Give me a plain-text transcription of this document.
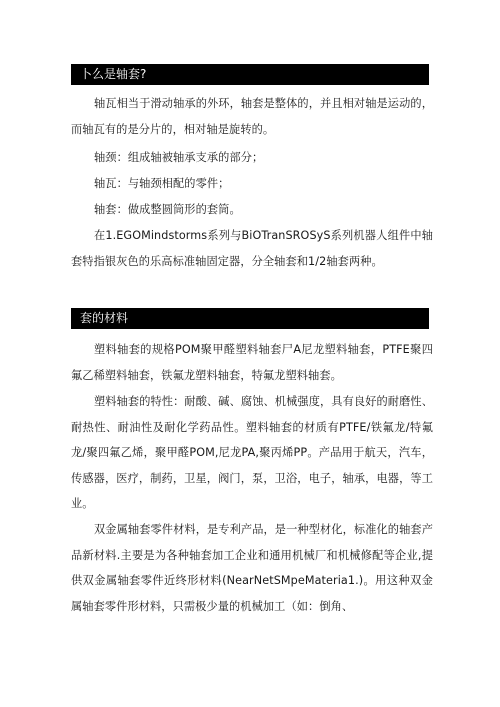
卜么是轴套?

轴瓦相当于滑动轴承的外环，轴套是整体的，并且相对轴是运动的，而轴瓦有的是分片的，相对轴是旋转的。

轴颈：组成轴被轴承支承的部分；

轴瓦：与轴颈相配的零件；

轴套：做成整圆筒形的套筒。

在1.EGOMindstorms系列与BiOTranSROSyS系列机器人组件中轴套特指银灰色的乐高标准轴固定器，分全轴套和1/2轴套两种。

套的材料

塑料轴套的规格POM聚甲醛塑料轴套尸A尼龙塑料轴套，PTFE聚四氟乙稀塑料轴套，铁氟龙塑料轴套，特氟龙塑料轴套。

塑料轴套的特性：耐酸、碱、腐蚀、机械强度，具有良好的耐磨性、耐热性、耐油性及耐化学药品性。塑料轴套的材质有PTFE/铁氟龙/特氟龙/聚四氟乙烯，聚甲醛POM,尼龙PA,聚丙烯PP。产品用于航天，汽车，传感器，医疗，制药，卫星，阀门，泵，卫浴，电子，轴承，电器，等工业。

双金属轴套零件材料，是专利产品，是一种型材化，标准化的轴套产品新材料.主要是为各种轴套加工企业和通用机械厂和机械修配等企业,提供双金属轴套零件近终形材料(NearNetSMpeMateria1.)。用这种双金属轴套零件形材料，只需极少量的机械加工（如：倒角、
